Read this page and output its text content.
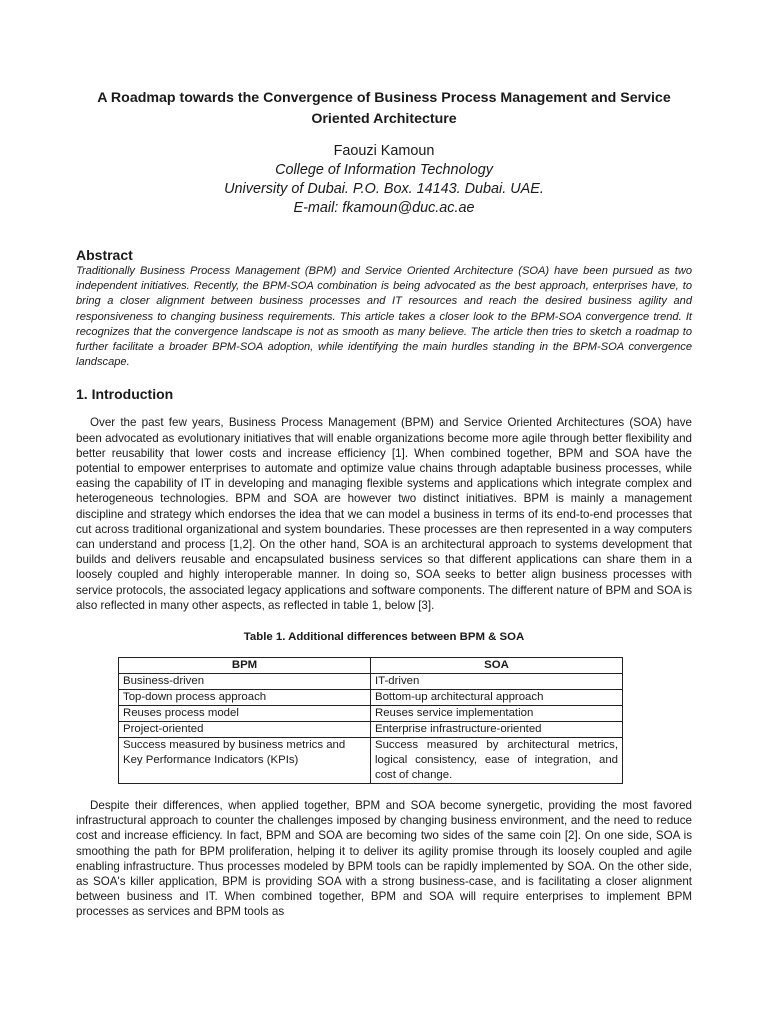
A Roadmap towards the Convergence of Business Process Management and Service Oriented Architecture
Faouzi Kamoun
College of Information Technology
University of Dubai. P.O. Box. 14143. Dubai. UAE.
E-mail: fkamoun@duc.ac.ae
Abstract

Traditionally Business Process Management (BPM) and Service Oriented Architecture (SOA) have been pursued as two independent initiatives. Recently, the BPM-SOA combination is being advocated as the best approach, enterprises have, to bring a closer alignment between business processes and IT resources and reach the desired business agility and responsiveness to changing business requirements. This article takes a closer look to the BPM-SOA convergence trend. It recognizes that the convergence landscape is not as smooth as many believe. The article then tries to sketch a roadmap to further facilitate a broader BPM-SOA adoption, while identifying the main hurdles standing in the BPM-SOA convergence landscape.

1. Introduction

Over the past few years, Business Process Management (BPM) and Service Oriented Architectures (SOA) have been advocated as evolutionary initiatives that will enable organizations become more agile through better flexibility and better reusability that lower costs and increase efficiency [1]. When combined together, BPM and SOA have the potential to empower enterprises to automate and optimize value chains through adaptable business processes, while easing the capability of IT in developing and managing flexible systems and applications which integrate complex and heterogeneous technologies. BPM and SOA are however two distinct initiatives. BPM is mainly a management discipline and strategy which endorses the idea that we can model a business in terms of its end-to-end processes that cut across traditional organizational and system boundaries. These processes are then represented in a way computers can understand and process [1,2]. On the other hand, SOA is an architectural approach to systems development that builds and delivers reusable and encapsulated business services so that different applications can share them in a loosely coupled and highly interoperable manner. In doing so, SOA seeks to better align business processes with service protocols, the associated legacy applications and software components. The different nature of BPM and SOA is also reflected in many other aspects, as reflected in table 1, below [3].

Table 1. Additional differences between BPM & SOA
BPM	SOA
Business-driven	IT-driven
Top-down process approach	Bottom-up architectural approach
Reuses process model	Reuses service implementation
Project-oriented	Enterprise infrastructure-oriented
Success measured by business metrics and Key Performance Indicators (KPIs)	Success measured by architectural metrics, logical consistency, ease of integration, and cost of change.

Despite their differences, when applied together, BPM and SOA become synergetic, providing the most favored infrastructural approach to counter the challenges imposed by changing business environment, and the need to reduce cost and increase efficiency. In fact, BPM and SOA are becoming two sides of the same coin [2]. On one side, SOA is smoothing the path for BPM proliferation, helping it to deliver its agility promise through its loosely coupled and agile enabling infrastructure. Thus processes modeled by BPM tools can be rapidly implemented by SOA. On the other side, as SOA's killer application, BPM is providing SOA with a strong business-case, and is facilitating a closer alignment between business and IT. When combined together, BPM and SOA will require enterprises to implement BPM processes as services and BPM tools as
